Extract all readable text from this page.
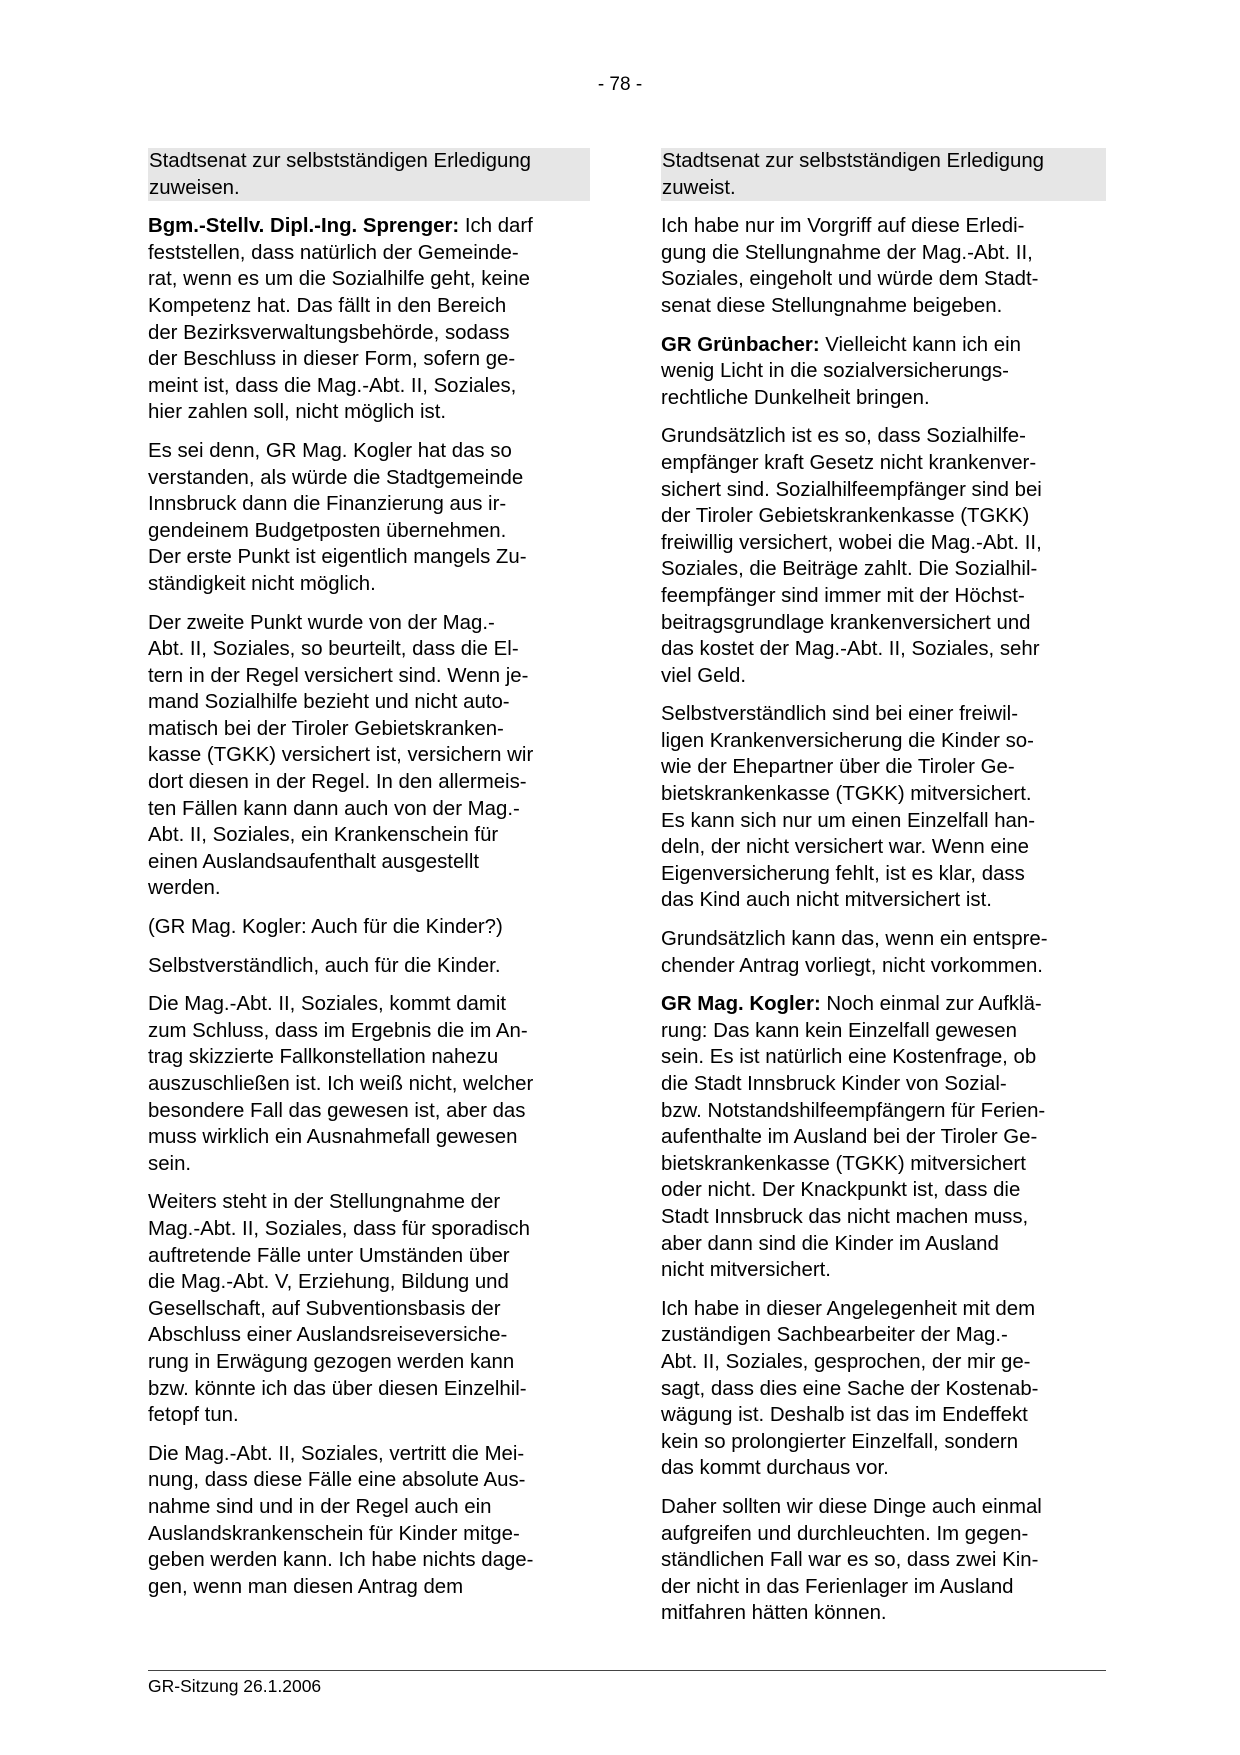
- 78 -

Stadtsenat zur selbstständigen Erledigung
zuweisen.

Bgm.-Stellv. Dipl.-Ing. Sprenger: Ich darf
feststellen, dass natürlich der Gemeinde-
rat, wenn es um die Sozialhilfe geht, keine
Kompetenz hat. Das fällt in den Bereich
der Bezirksverwaltungsbehörde, sodass
der Beschluss in dieser Form, sofern ge-
meint ist, dass die Mag.-Abt. II, Soziales,
hier zahlen soll, nicht möglich ist.

Es sei denn, GR Mag. Kogler hat das so
verstanden, als würde die Stadtgemeinde
Innsbruck dann die Finanzierung aus ir-
gendeinem Budgetposten übernehmen.
Der erste Punkt ist eigentlich mangels Zu-
ständigkeit nicht möglich.

Der zweite Punkt wurde von der Mag.-
Abt. II, Soziales, so beurteilt, dass die El-
tern in der Regel versichert sind. Wenn je-
mand Sozialhilfe bezieht und nicht auto-
matisch bei der Tiroler Gebietskranken-
kasse (TGKK) versichert ist, versichern wir
dort diesen in der Regel. In den allermeis-
ten Fällen kann dann auch von der Mag.-
Abt. II, Soziales, ein Krankenschein für
einen Auslandsaufenthalt ausgestellt
werden.

(GR Mag. Kogler: Auch für die Kinder?)

Selbstverständlich, auch für die Kinder.

Die Mag.-Abt. II, Soziales, kommt damit
zum Schluss, dass im Ergebnis die im An-
trag skizzierte Fallkonstellation nahezu
auszuschließen ist. Ich weiß nicht, welcher
besondere Fall das gewesen ist, aber das
muss wirklich ein Ausnahmefall gewesen
sein.

Weiters steht in der Stellungnahme der
Mag.-Abt. II, Soziales, dass für sporadisch
auftretende Fälle unter Umständen über
die Mag.-Abt. V, Erziehung, Bildung und
Gesellschaft, auf Subventionsbasis der
Abschluss einer Auslandsreiseversiche-
rung in Erwägung gezogen werden kann
bzw. könnte ich das über diesen Einzelhil-
fetopf tun.

Die Mag.-Abt. II, Soziales, vertritt die Mei-
nung, dass diese Fälle eine absolute Aus-
nahme sind und in der Regel auch ein
Auslandskrankenschein für Kinder mitge-
geben werden kann. Ich habe nichts dage-
gen, wenn man diesen Antrag dem

Stadtsenat zur selbstständigen Erledigung
zuweist.

Ich habe nur im Vorgriff auf diese Erledi-
gung die Stellungnahme der Mag.-Abt. II,
Soziales, eingeholt und würde dem Stadt-
senat diese Stellungnahme beigeben.

GR Grünbacher: Vielleicht kann ich ein
wenig Licht in die sozialversicherungs-
rechtliche Dunkelheit bringen.

Grundsätzlich ist es so, dass Sozialhilfe-
empfänger kraft Gesetz nicht krankenver-
sichert sind. Sozialhilfeempfänger sind bei
der Tiroler Gebietskrankenkasse (TGKK)
freiwillig versichert, wobei die Mag.-Abt. II,
Soziales, die Beiträge zahlt. Die Sozialhil-
feempfänger sind immer mit der Höchst-
beitragsgrundlage krankenversichert und
das kostet der Mag.-Abt. II, Soziales, sehr
viel Geld.

Selbstverständlich sind bei einer freiwil-
ligen Krankenversicherung die Kinder so-
wie der Ehepartner über die Tiroler Ge-
bietskrankenkasse (TGKK) mitversichert.
Es kann sich nur um einen Einzelfall han-
deln, der nicht versichert war. Wenn eine
Eigenversicherung fehlt, ist es klar, dass
das Kind auch nicht mitversichert ist.

Grundsätzlich kann das, wenn ein entspre-
chender Antrag vorliegt, nicht vorkommen.

GR Mag. Kogler: Noch einmal zur Aufklä-
rung: Das kann kein Einzelfall gewesen
sein. Es ist natürlich eine Kostenfrage, ob
die Stadt Innsbruck Kinder von Sozial-
bzw. Notstandshilfeempfängern für Ferien-
aufenthalte im Ausland bei der Tiroler Ge-
bietskrankenkasse (TGKK) mitversichert
oder nicht. Der Knackpunkt ist, dass die
Stadt Innsbruck das nicht machen muss,
aber dann sind die Kinder im Ausland
nicht mitversichert.

Ich habe in dieser Angelegenheit mit dem
zuständigen Sachbearbeiter der Mag.-
Abt. II, Soziales, gesprochen, der mir ge-
sagt, dass dies eine Sache der Kostenab-
wägung ist. Deshalb ist das im Endeffekt
kein so prolongierter Einzelfall, sondern
das kommt durchaus vor.

Daher sollten wir diese Dinge auch einmal
aufgreifen und durchleuchten. Im gegen-
ständlichen Fall war es so, dass zwei Kin-
der nicht in das Ferienlager im Ausland
mitfahren hätten können.

GR-Sitzung 26.1.2006
